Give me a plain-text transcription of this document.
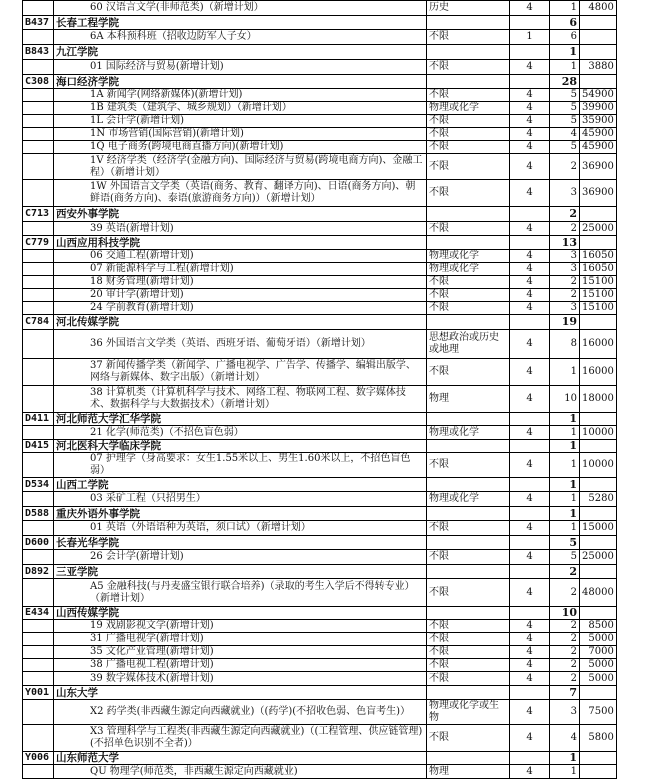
	60 汉语言文学(非师范类)（新增计划）	历史	4	1	4800
B437	长春工程学院			6	
	6A 本科预科班（招收边防军人子女）	不限	1	6	
B843	九江学院			1	
	01 国际经济与贸易(新增计划)	不限	4	1	3880
C308	海口经济学院			28	
	1A 新闻学(网络新媒体)(新增计划)	不限	4	5	54900
	1B 建筑类（建筑学、城乡规划）（新增计划）	物理或化学	4	5	39900
	1L 会计学(新增计划)	不限	4	5	35900
	1N 市场营销(国际营销)(新增计划)	不限	4	4	45900
	1Q 电子商务(跨境电商直播方向)(新增计划)	不限	4	5	45900
	1V 经济学类（经济学(金融方向)、国际经济与贸易(跨境电商方向)、金融工程）（新增计划）	不限	4	2	36900
	1W 外国语言文学类（英语(商务、教育、翻译方向)、日语(商务方向)、朝鲜语(商务方向)、泰语(旅游商务方向)）（新增计划）	不限	4	3	36900
C713	西安外事学院			2	
	39 英语(新增计划)	不限	4	2	25000
C779	山西应用科技学院			13	
	06 交通工程(新增计划)	物理或化学	4	3	16050
	07 新能源科学与工程(新增计划)	物理或化学	4	3	16050
	18 财务管理(新增计划)	不限	4	2	15100
	20 审计学(新增计划)	不限	4	2	15100
	24 学前教育(新增计划)	不限	4	3	15100
C784	河北传媒学院			19	
	36 外国语言文学类（英语、西班牙语、葡萄牙语）（新增计划）	思想政治或历史或地理	4	8	16000
	37 新闻传播学类（新闻学、广播电视学、广告学、传播学、编辑出版学、网络与新媒体、数字出版）（新增计划）	不限	4	1	16000
	38 计算机类（计算机科学与技术、网络工程、物联网工程、数字媒体技术、数据科学与大数据技术）（新增计划）	物理	4	10	18000
D411	河北师范大学汇华学院			1	
	21 化学(师范类)（不招色盲色弱）	物理或化学	4	1	10000
D415	河北医科大学临床学院			1	
	07 护理学（身高要求：女生1.55米以上、男生1.60米以上，不招色盲色弱）	不限	4	1	10000
D534	山西工学院			1	
	03 采矿工程（只招男生）	物理或化学	4	1	5280
D588	重庆外语外事学院			1	
	01 英语（外语语种为英语，须口试）（新增计划）	不限	4	1	15000
D600	长春光华学院			5	
	26 会计学(新增计划)	不限	4	5	25000
D892	三亚学院			2	
	A5 金融科技(与丹麦盛宝银行联合培养)（录取的考生入学后不得转专业）（新增计划）	不限	4	2	48000
E434	山西传媒学院			10	
	19 戏剧影视文学(新增计划)	不限	4	2	8500
	31 广播电视学(新增计划)	不限	4	2	5000
	35 文化产业管理(新增计划)	不限	4	2	7000
	38 广播电视工程(新增计划)	不限	4	2	5000
	39 数字媒体技术(新增计划)	不限	4	2	5000
Y001	山东大学			7	
	X2 药学类(非西藏生源定向西藏就业)（(药学)(不招收色弱、色盲考生)）	物理或化学或生物	4	3	7500
	X3 管理科学与工程类(非西藏生源定向西藏就业)（(工程管理、供应链管理)(不招单色识别不全者)）	不限	4	4	5800
Y006	山东师范大学			1	
	QU 物理学(师范类，非西藏生源定向西藏就业)	物理	4	1	
